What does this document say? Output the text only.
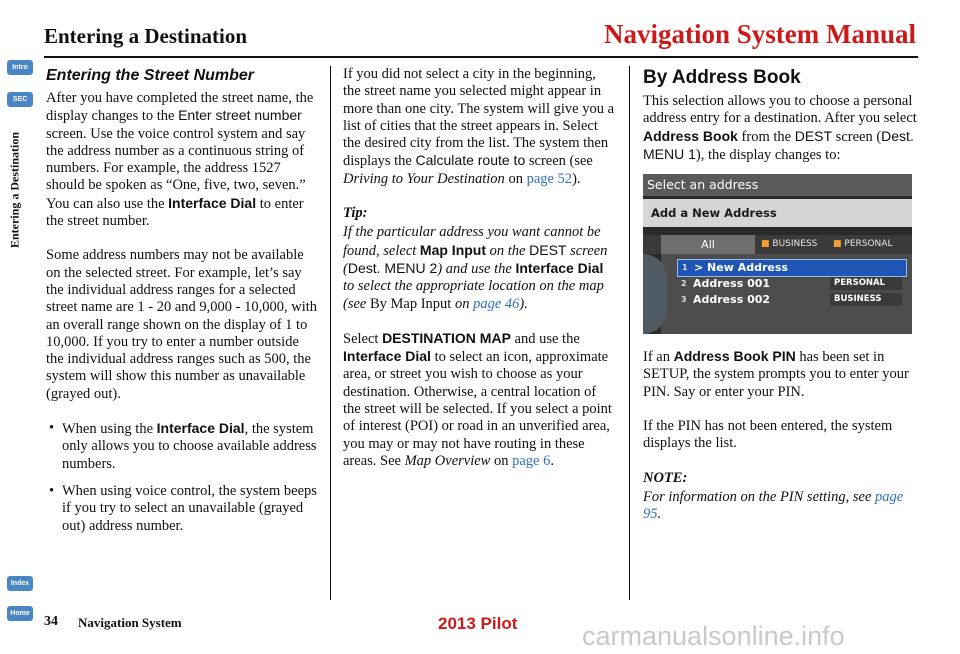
Entering a Destination	Navigation System Manual
Intro
SEC
Entering a Destination
Index
Home
Entering the Street Number

After you have completed the street name, the display changes to the Enter street number screen. Use the voice control system and say the address number as a continuous string of numbers. For example, the address 1527 should be spoken as “One, five, two, seven.” You can also use the Interface Dial to enter the street number.

Some address numbers may not be available on the selected street. For example, let’s say the individual address ranges for a selected street name are 1 - 20 and 9,000 - 10,000, with an overall range shown on the display of 1 to 10,000. If you try to enter a number outside the individual address ranges such as 500, the system will show this number as unavailable (grayed out).

• When using the Interface Dial, the system only allows you to choose available address numbers.
• When using voice control, the system beeps if you try to select an unavailable (grayed out) address number.

If you did not select a city in the beginning, the street name you selected might appear in more than one city. The system will give you a list of cities that the street appears in. Select the desired city from the list. The system then displays the Calculate route to screen (see Driving to Your Destination on page 52).

Tip:

If the particular address you want cannot be found, select Map Input on the DEST screen (Dest. MENU 2) and use the Interface Dial to select the appropriate location on the map (see By Map Input on page 46).

Select DESTINATION MAP and use the Interface Dial to select an icon, approximate area, or street you wish to choose as your destination. Otherwise, a central location of the street will be selected. If you select a point of interest (POI) or road in an unverified area, you may or may not have routing in these areas. See Map Overview on page 6.

By Address Book

This selection allows you to choose a personal address entry for a destination. After you select Address Book from the DEST screen (Dest. MENU 1), the display changes to:

Select an address
Add a New Address
All	■ BUSINESS ■ PERSONAL
1 > New Address
2 Address 001	PERSONAL
3 Address 002	BUSINESS

If an Address Book PIN has been set in SETUP, the system prompts you to enter your PIN. Say or enter your PIN.

If the PIN has not been entered, the system displays the list.

NOTE:

For information on the PIN setting, see page 95.

34 Navigation System	2013 Pilot carmanualsonline.info
